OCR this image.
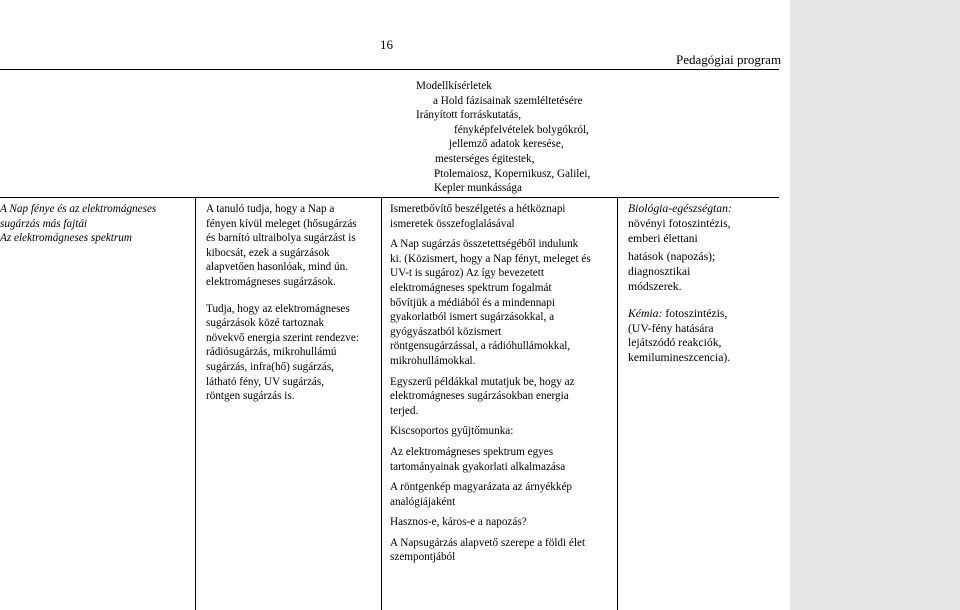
16
Pedagógiai program
Modellkísérletek
a Hold fázisainak szemléltetésére
Irányított forráskutatás,
fényképfelvételek bolygókról,
jellemző adatok keresése,
mesterséges égitestek,
Ptolemaiosz, Kopernikusz, Galilei,
Kepler munkássága
A Nap fénye és az elektromágneses
sugárzás más fajtái
Az elektromágneses spektrum

A tanuló tudja, hogy a Nap a
fényen kívül meleget (hősugárzás
és barnító ultraibolya sugárzást is
kibocsát, ezek a sugárzások
alapvetően hasonlóak, mind ún.
elektromágneses sugárzások.

Tudja, hogy az elektromágneses
sugárzások közé tartoznak
növekvő energia szerint rendezve:
rádiósugárzás, mikrohullámú
sugárzás, infra(hő) sugárzás,
látható fény, UV sugárzás,
röntgen sugárzás is.

Ismeretbővítő beszélgetés a hétköznapi
ismeretek összefoglalásával

A Nap sugárzás összetettségéből indulunk
ki. (Közismert, hogy a Nap fényt, meleget és
UV-t is sugároz) Az így bevezetett
elektromágneses spektrum fogalmát
bővítjük a médiából és a mindennapi
gyakorlatból ismert sugárzásokkal, a
gyógyászatból közismert
röntgensugárzással, a rádióhullámokkal,
mikrohullámokkal.

Egyszerű példákkal mutatjuk be, hogy az
elektromágneses sugárzásokban energia
terjed.

Kiscsoportos gyűjtőmunka:

Az elektromágneses spektrum egyes
tartományainak gyakorlati alkalmazása

A röntgenkép magyarázata az árnyékkép
analógiájaként

Hasznos-e, káros-e a napozás?

A Napsugárzás alapvető szerepe a földi élet
szempontjából

Biológia-egészségtan:
növényi fotoszintézis,
emberi élettani

hatások (napozás);
diagnosztikai
módszerek.

Kémia: fotoszintézis,
(UV-fény hatására
lejátszódó reakciók,
kemilumineszcencia).
